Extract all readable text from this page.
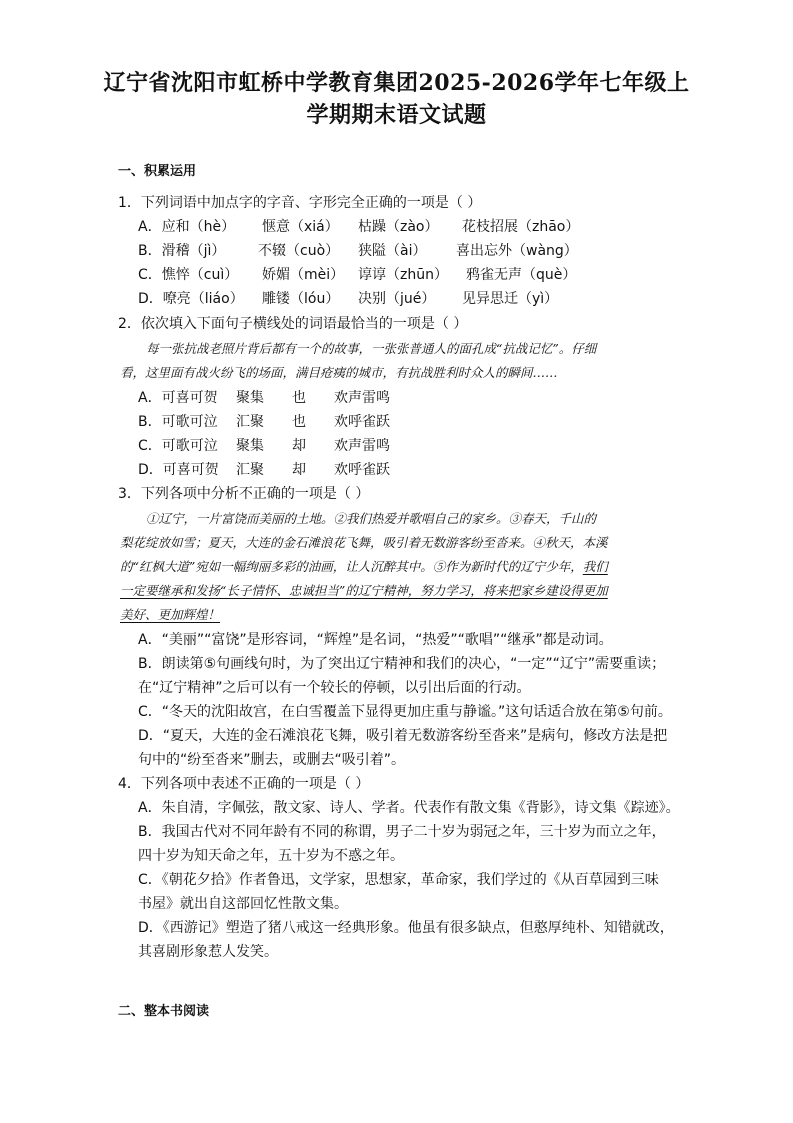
辽宁省沈阳市虹桥中学教育集团2025-2026学年七年级上
学期期末语文试题
一、积累运用
1．下列词语中加点字的字音、字形完全正确的一项是（ ）
A．应和（hè） 惬意（xiá） 枯躁（zào） 花枝招展（zhāo）
B．滑稽（jì） 不辍（cuò） 狭隘（ài） 喜出忘外（wàng）
C．憔悴（cuì） 娇媚（mèi） 谆谆（zhūn） 鸦雀无声（què）
D．嘹亮（liáo） 雕镂（lóu） 决别（jué） 见异思迁（yì）
2．依次填入下面句子横线处的词语最恰当的一项是（ ）
每一张抗战老照片背后都有一个的故事，一张张普通人的面孔成“抗战记忆”。仔细
看，这里面有战火纷飞的场面，满目疮痍的城市，有抗战胜利时众人的瞬间……
A．可喜可贺 聚集 也 欢声雷鸣
B．可歌可泣 汇聚 也 欢呼雀跃
C．可歌可泣 聚集 却 欢声雷鸣
D．可喜可贺 汇聚 却 欢呼雀跃
3．下列各项中分析不正确的一项是（ ）
①辽宁，一片富饶而美丽的土地。②我们热爱并歌唱自己的家乡。③春天，千山的
梨花绽放如雪；夏天，大连的金石滩浪花飞舞，吸引着无数游客纷至沓来。④秋天，本溪
的“红枫大道”宛如一幅绚丽多彩的油画，让人沉醉其中。⑤作为新时代的辽宁少年，我们
一定要继承和发扬“长子情怀、忠诚担当”的辽宁精神，努力学习，将来把家乡建设得更加
美好、更加辉煌！
A．“美丽”“富饶”是形容词，“辉煌”是名词，“热爱”“歌唱”“继承”都是动词。
B．朗读第⑤句画线句时，为了突出辽宁精神和我们的决心，“一定”“辽宁”需要重读；
在“辽宁精神”之后可以有一个较长的停顿，以引出后面的行动。
C．“冬天的沈阳故宫，在白雪覆盖下显得更加庄重与静谧。”这句话适合放在第⑤句前。
D．“夏天，大连的金石滩浪花飞舞，吸引着无数游客纷至沓来”是病句，修改方法是把
句中的“纷至沓来”删去，或删去“吸引着”。
4．下列各项中表述不正确的一项是（ ）
A．朱自清，字佩弦，散文家、诗人、学者。代表作有散文集《背影》，诗文集《踪迹》。
B．我国古代对不同年龄有不同的称谓，男子二十岁为弱冠之年，三十岁为而立之年，
四十岁为知天命之年，五十岁为不惑之年。
C．《朝花夕拾》作者鲁迅，文学家，思想家，革命家，我们学过的《从百草园到三味
书屋》就出自这部回忆性散文集。
D．《西游记》塑造了猪八戒这一经典形象。他虽有很多缺点，但憨厚纯朴、知错就改，
其喜剧形象惹人发笑。
二、整本书阅读
